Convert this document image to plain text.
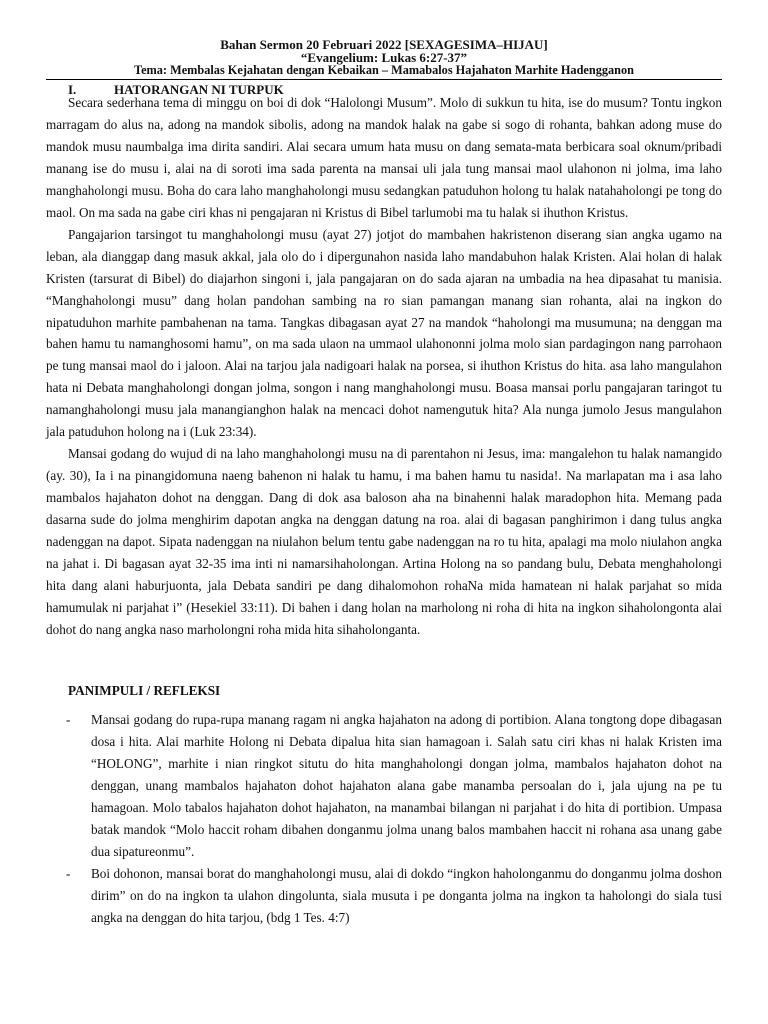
Bahan Sermon 20 Februari 2022 [SEXAGESIMA–HIJAU]
“Evangelium: Lukas 6:27-37”
Tema: Membalas Kejahatan dengan Kebaikan – Mamabalos Hajahaton Marhite Hadengganon
I.	HATORANGAN NI TURPUK

Secara sederhana tema di minggu on boi di dok “Halolongi Musum”. Molo di sukkun tu hita, ise do musum? Tontu ingkon marragam do alus na, adong na mandok sibolis, adong na mandok halak na gabe si sogo di rohanta, bahkan adong muse do mandok musu naumbalga ima dirita sandiri. Alai secara umum hata musu on dang semata-mata berbicara soal oknum/pribadi manang ise do musu i, alai na di soroti ima sada parenta na mansai uli jala tung mansai maol ulahonon ni jolma, ima laho manghaholongi musu. Boha do cara laho manghaholongi musu sedangkan patuduhon holong tu halak natahaholongi pe tong do maol. On ma sada na gabe ciri khas ni pengajaran ni Kristus di Bibel tarlumobi ma tu halak si ihuthon Kristus.

Pangajarion tarsingot tu manghaholongi musu (ayat 27) jotjot do mambahen hakristenon diserang sian angka ugamo na leban, ala dianggap dang masuk akkal, jala olo do i dipergunahon nasida laho mandabuhon halak Kristen. Alai holan di halak Kristen (tarsurat di Bibel) do diajarhon singoni i, jala pangajaran on do sada ajaran na umbadia na hea dipasahat tu manisia. “Manghaholongi musu” dang holan pandohan sambing na ro sian pamangan manang sian rohanta, alai na ingkon do nipatuduhon marhite pambahenan na tama. Tangkas dibagasan ayat 27 na mandok “haholongi ma musumuna; na denggan ma bahen hamu tu namanghosomi hamu”, on ma sada ulaon na ummaol ulahononni jolma molo sian pardagingon nang parrohaon pe tung mansai maol do i jaloon. Alai na tarjou jala nadigoari halak na porsea, si ihuthon Kristus do hita. asa laho mangulahon hata ni Debata manghaholongi dongan jolma, songon i nang manghaholongi musu. Boasa mansai porlu pangajaran taringot tu namanghaholongi musu jala manangianghon halak na mencaci dohot namengutuk hita? Ala nunga jumolo Jesus mangulahon jala patuduhon holong na i (Luk 23:34).

Mansai godang do wujud di na laho manghaholongi musu na di parentahon ni Jesus, ima: mangalehon tu halak namangido (ay. 30), Ia i na pinangidomuna naeng bahenon ni halak tu hamu, i ma bahen hamu tu nasida!. Na marlapatan ma i asa laho mambalos hajahaton dohot na denggan. Dang di dok asa baloson aha na binahenni halak maradophon hita. Memang pada dasarna sude do jolma menghirim dapotan angka na denggan datung na roa. alai di bagasan panghirimon i dang tulus angka nadenggan na dapot. Sipata nadenggan na niulahon belum tentu gabe nadenggan na ro tu hita, apalagi ma molo niulahon angka na jahat i. Di bagasan ayat 32-35 ima inti ni namarsihaholongan. Artina Holong na so pandang bulu, Debata menghaholongi hita dang alani haburjuonta, jala Debata sandiri pe dang dihalomohon rohaNa mida hamatean ni halak parjahat so mida hamumulak ni parjahat i” (Hesekiel 33:11). Di bahen i dang holan na marholong ni roha di hita na ingkon sihaholongonta alai dohot do nang angka naso marholongni roha mida hita sihaholonganta.

PANIMPULI / REFLEKSI
- Mansai godang do rupa-rupa manang ragam ni angka hajahaton na adong di portibion. Alana tongtong dope dibagasan dosa i hita. Alai marhite Holong ni Debata dipalua hita sian hamagoan i. Salah satu ciri khas ni halak Kristen ima “HOLONG”, marhite i nian ringkot situtu do hita manghaholongi dongan jolma, mambalos hajahaton dohot na denggan, unang mambalos hajahaton dohot hajahaton alana gabe manamba persoalan do i, jala ujung na pe tu hamagoan. Molo tabalos hajahaton dohot hajahaton, na manambai bilangan ni parjahat i do hita di portibion. Umpasa batak mandok “Molo haccit roham dibahen donganmu jolma unang balos mambahen haccit ni rohana asa unang gabe dua sipatureonmu”.
- Boi dohonon, mansai borat do manghaholongi musu, alai di dokdo “ingkon haholonganmu do donganmu jolma doshon dirim” on do na ingkon ta ulahon dingolunta, siala musuta i pe donganta jolma na ingkon ta haholongi do siala tusi angka na denggan do hita tarjou, (bdg 1 Tes. 4:7)
